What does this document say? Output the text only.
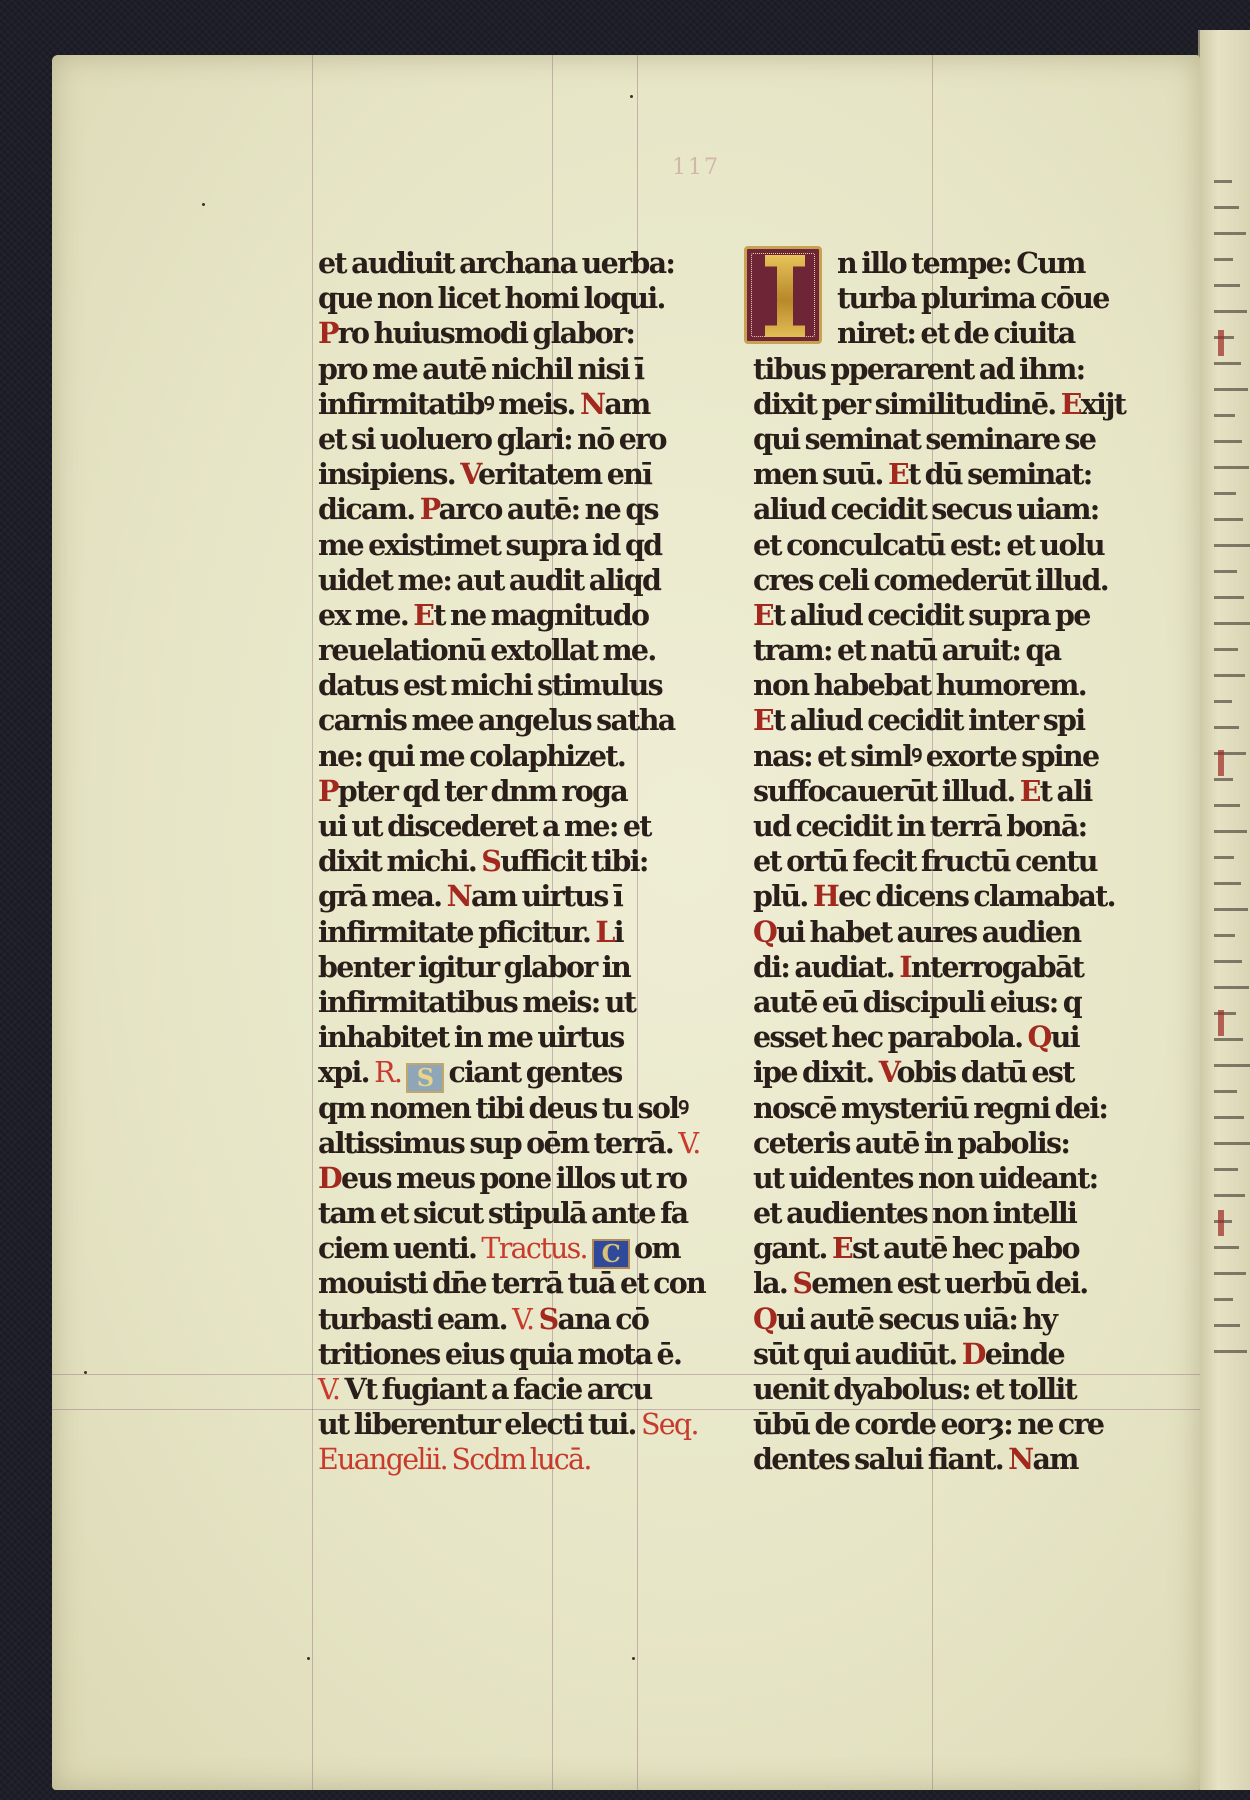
117
et audiuit archana uerba:
que non licet homi loqui.
Pro huiusmodi glabor:
pro me autē nichil nisi ī
infirmitatibꝰ meis. Nam
et si uoluero glari: nō ero
insipiens. Veritatem enī
dicam. Parco autē: ne qs
me existimet supra id qd
uidet me: aut audit aliqd
ex me. Et ne magnitudo
reuelationū extollat me.
datus est michi stimulus
carnis mee angelus satha
ne: qui me colaphizet.
Ppter qd ter dnm roga
ui ut discederet a me: et
dixit michi. Sufficit tibi:
grā mea. Nam uirtus ī
infirmitate pficitur. Li
benter igitur glabor in
infirmitatibus meis: ut
inhabitet in me uirtus
xpi. R. S ciant gentes
qm nomen tibi deus tu solꝰ
altissimus sup oēm terrā. V.
Deus meus pone illos ut ro
tam et sicut stipulā ante fa
ciem uenti. Tractus. C om
mouisti dn̄e terrā tuā et con
turbasti eam. V. Sana cō
tritiones eius quia mota ē.
V. Vt fugiant a facie arcu
ut liberentur electi tui. Seq.
Euangelii. Scdm lucā.
n illo tempe: Cum
turba plurima cōue
niret: et de ciuita
tibus pperarent ad ihm:
dixit per similitudinē. Exijt
qui seminat seminare se
men suū. Et dū seminat:
aliud cecidit secus uiam:
et conculcatū est: et uolu
cres celi comederūt illud.
Et aliud cecidit supra pe
tram: et natū aruit: qa
non habebat humorem.
Et aliud cecidit inter spi
nas: et simlꝰ exorte spine
suffocauerūt illud. Et ali
ud cecidit in terrā bonā:
et ortū fecit fructū centu
plū. Hec dicens clamabat.
Qui habet aures audien
di: audiat. Interrogabāt
autē eū discipuli eius: q
esset hec parabola. Qui
ipe dixit. Vobis datū est
noscē mysteriū regni dei:
ceteris autē in pabolis:
ut uidentes non uideant:
et audientes non intelli
gant. Est autē hec pabo
la. Semen est uerbū dei.
Qui autē secus uiā: hy
sūt qui audiūt. Deinde
uenit dyabolus: et tollit
ūbū de corde eorȝ: ne cre
dentes salui fiant. Nam
